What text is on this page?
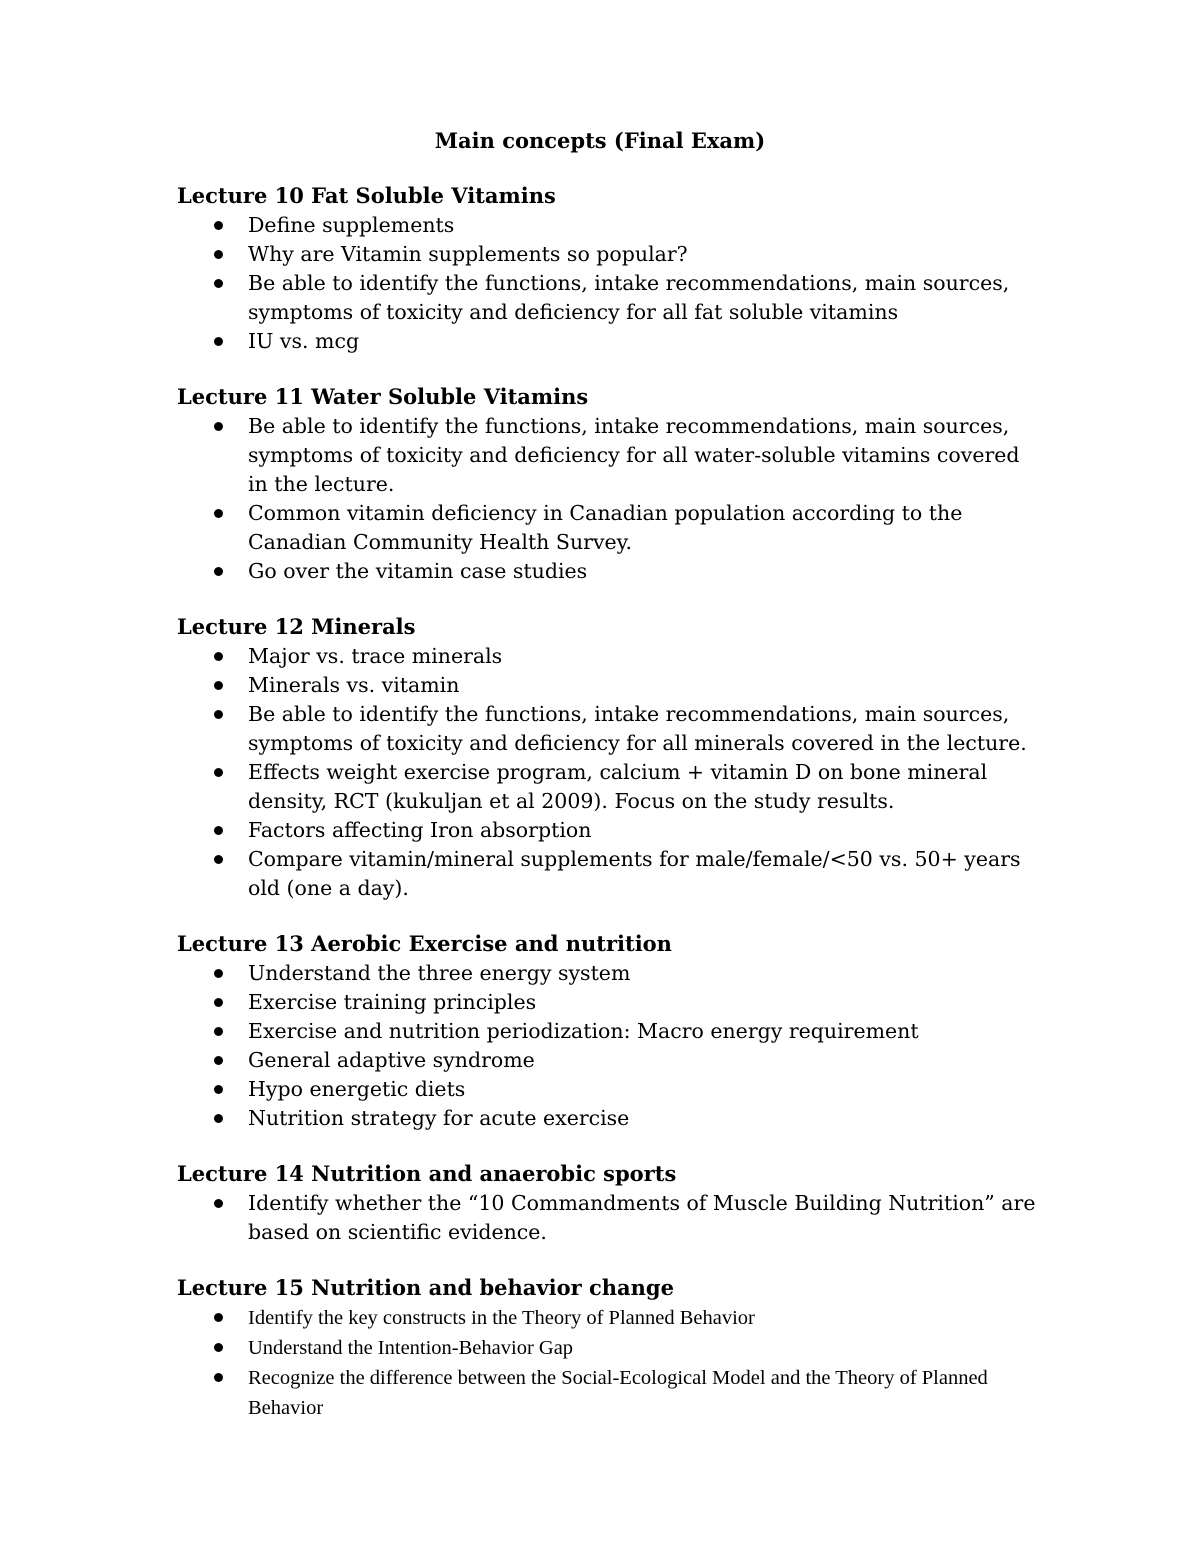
Main concepts (Final Exam)
Lecture 10 Fat Soluble Vitamins
Define supplements
Why are Vitamin supplements so popular?
Be able to identify the functions, intake recommendations, main sources, symptoms of toxicity and deficiency for all fat soluble vitamins
IU vs. mcg
Lecture 11 Water Soluble Vitamins
Be able to identify the functions, intake recommendations, main sources, symptoms of toxicity and deficiency for all water-soluble vitamins covered in the lecture.
Common vitamin deficiency in Canadian population according to the Canadian Community Health Survey.
Go over the vitamin case studies
Lecture 12 Minerals
Major vs. trace minerals
Minerals vs. vitamin
Be able to identify the functions, intake recommendations, main sources, symptoms of toxicity and deficiency for all minerals covered in the lecture.
Effects weight exercise program, calcium + vitamin D on bone mineral density, RCT (kukuljan et al 2009). Focus on the study results.
Factors affecting Iron absorption
Compare vitamin/mineral supplements for male/female/<50 vs. 50+ years old (one a day).
Lecture 13 Aerobic Exercise and nutrition
Understand the three energy system
Exercise training principles
Exercise and nutrition periodization: Macro energy requirement
General adaptive syndrome
Hypo energetic diets
Nutrition strategy for acute exercise
Lecture 14 Nutrition and anaerobic sports
Identify whether the “10 Commandments of Muscle Building Nutrition” are based on scientific evidence.
Lecture 15 Nutrition and behavior change
Identify the key constructs in the Theory of Planned Behavior
Understand the Intention-Behavior Gap
Recognize the difference between the Social-Ecological Model and the Theory of Planned Behavior
